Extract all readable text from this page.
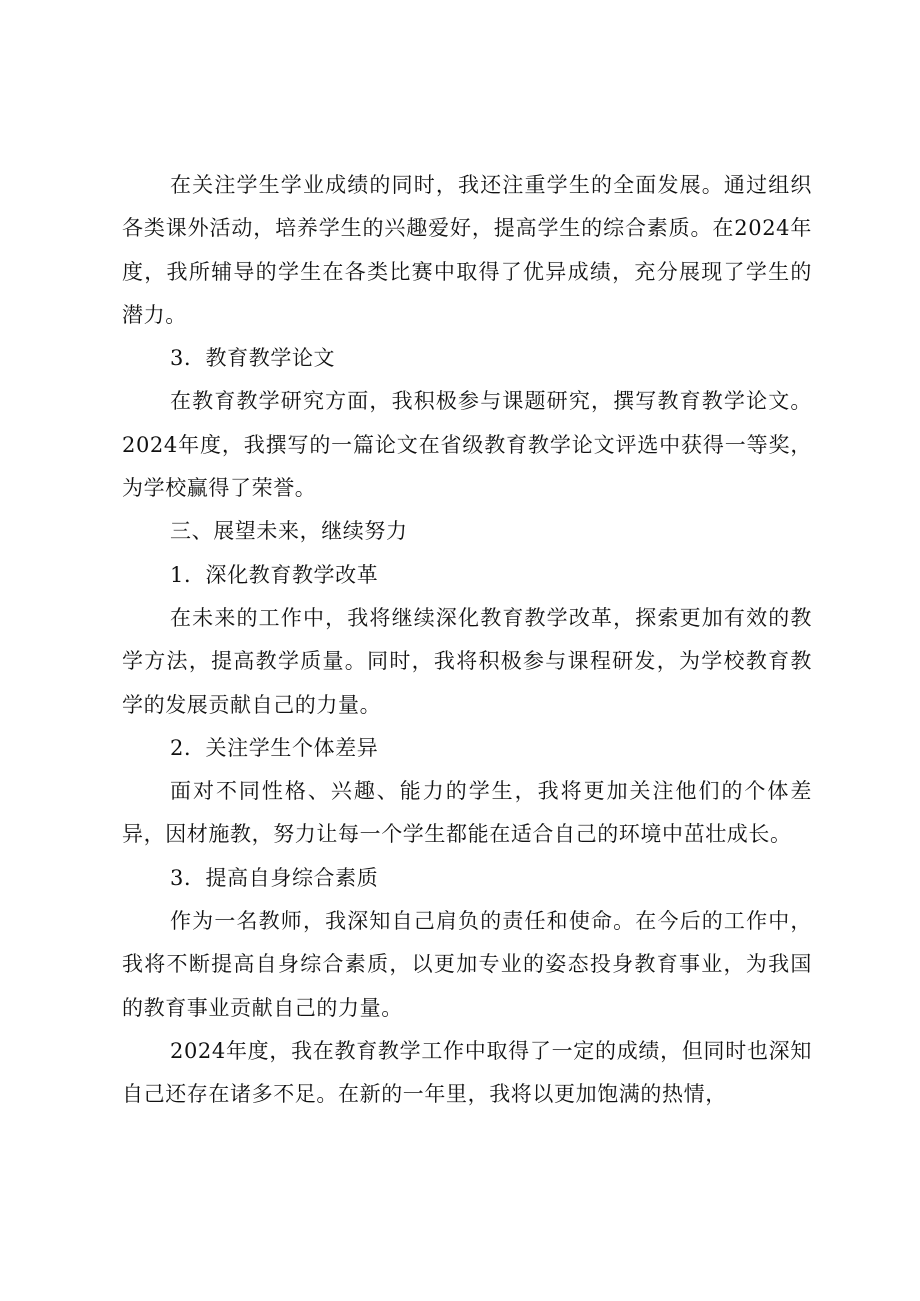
在关注学生学业成绩的同时，我还注重学生的全面发展。通过组织各类课外活动，培养学生的兴趣爱好，提高学生的综合素质。在2024年度，我所辅导的学生在各类比赛中取得了优异成绩，充分展现了学生的潜力。

3．教育教学论文

在教育教学研究方面，我积极参与课题研究，撰写教育教学论文。2024年度，我撰写的一篇论文在省级教育教学论文评选中获得一等奖，为学校赢得了荣誉。

三、展望未来，继续努力

1．深化教育教学改革

在未来的工作中，我将继续深化教育教学改革，探索更加有效的教学方法，提高教学质量。同时，我将积极参与课程研发，为学校教育教学的发展贡献自己的力量。

2．关注学生个体差异

面对不同性格、兴趣、能力的学生，我将更加关注他们的个体差异，因材施教，努力让每一个学生都能在适合自己的环境中茁壮成长。

3．提高自身综合素质

作为一名教师，我深知自己肩负的责任和使命。在今后的工作中，我将不断提高自身综合素质，以更加专业的姿态投身教育事业，为我国的教育事业贡献自己的力量。

2024年度，我在教育教学工作中取得了一定的成绩，但同时也深知自己还存在诸多不足。在新的一年里，我将以更加饱满的热情，
